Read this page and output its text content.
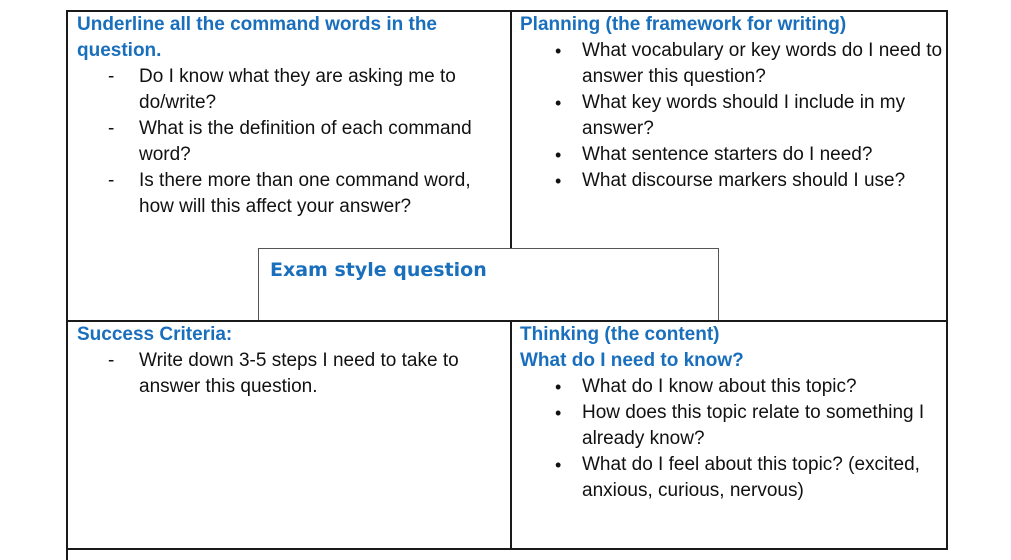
Underline all the command words in the question.

- Do I know what they are asking me to do/write?
- What is the definition of each command word?
- Is there more than one command word, how will this affect your answer?

Planning (the framework for writing)

• What vocabulary or key words do I need to answer this question?
• What key words should I include in my answer?
• What sentence starters do I need?
• What discourse markers should I use?

Success Criteria:

- Write down 3-5 steps I need to take to answer this question.

Thinking (the content)

What do I need to know?

• What do I know about this topic?
• How does this topic relate to something I already know?
• What do I feel about this topic? (excited, anxious, curious, nervous)
Exam style question
